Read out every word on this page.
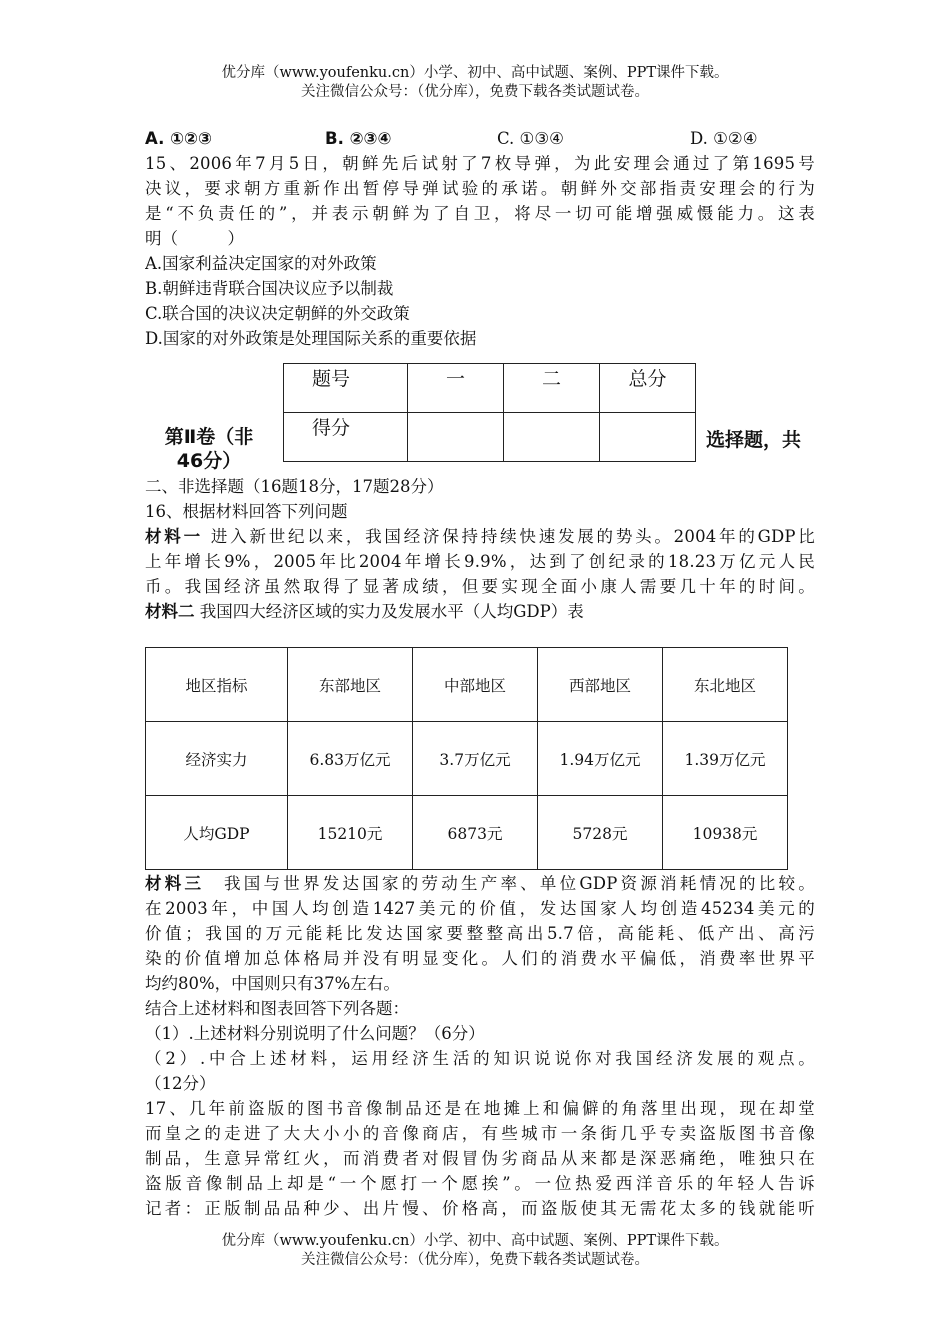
优分库（www.youfenku.cn）小学、初中、高中试题、案例、PPT课件下载。
关注微信公众号：（优分库），免费下载各类试题试卷。
A. ①②③	B. ②③④	C. ①③④	D. ①②④
15、2006年7月5日，朝鲜先后试射了7枚导弹，为此安理会通过了第1695号
决议，要求朝方重新作出暂停导弹试验的承诺。朝鲜外交部指责安理会的行为
是“不负责任的”，并表示朝鲜为了自卫，将尽一切可能增强威慑能力。这表
明（　　　）
A.国家利益决定国家的对外政策
B.朝鲜违背联合国决议应予以制裁
C.联合国的决议决定朝鲜的外交政策
D.国家的对外政策是处理国际关系的重要依据
第Ⅱ卷（非
46分）
题号	一	二	总分
得分			
选择题，共
二、非选择题（16题18分，17题28分）
16、根据材料回答下列问题
材料一 进入新世纪以来，我国经济保持持续快速发展的势头。2004年的GDP比
上年增长9%，2005年比2004年增长9.9%，达到了创纪录的18.23万亿元人民
币。我国经济虽然取得了显著成绩，但要实现全面小康人需要几十年的时间。
材料二 我国四大经济区域的实力及发展水平（人均GDP）表
地区指标	东部地区	中部地区	西部地区	东北地区
经济实力	6.83万亿元	3.7万亿元	1.94万亿元	1.39万亿元
人均GDP	15210元	6873元	5728元	10938元
材料三　我国与世界发达国家的劳动生产率、单位GDP资源消耗情况的比较。
在2003年，中国人均创造1427美元的价值，发达国家人均创造45234美元的
价值；我国的万元能耗比发达国家要整整高出5.7倍，高能耗、低产出、高污
染的价值增加总体格局并没有明显变化。人们的消费水平偏低，消费率世界平
均约80%，中国则只有37%左右。
结合上述材料和图表回答下列各题：
（1）.上述材料分别说明了什么问题？（6分）
（2）.中合上述材料，运用经济生活的知识说说你对我国经济发展的观点。
（12分）
17、几年前盗版的图书音像制品还是在地摊上和偏僻的角落里出现，现在却堂
而皇之的走进了大大小小的音像商店，有些城市一条街几乎专卖盗版图书音像
制品，生意异常红火，而消费者对假冒伪劣商品从来都是深恶痛绝，唯独只在
盗版音像制品上却是“一个愿打一个愿挨”。一位热爱西洋音乐的年轻人告诉
记者：正版制品品种少、出片慢、价格高，而盗版使其无需花太多的钱就能听
优分库（www.youfenku.cn）小学、初中、高中试题、案例、PPT课件下载。
关注微信公众号：（优分库），免费下载各类试题试卷。
